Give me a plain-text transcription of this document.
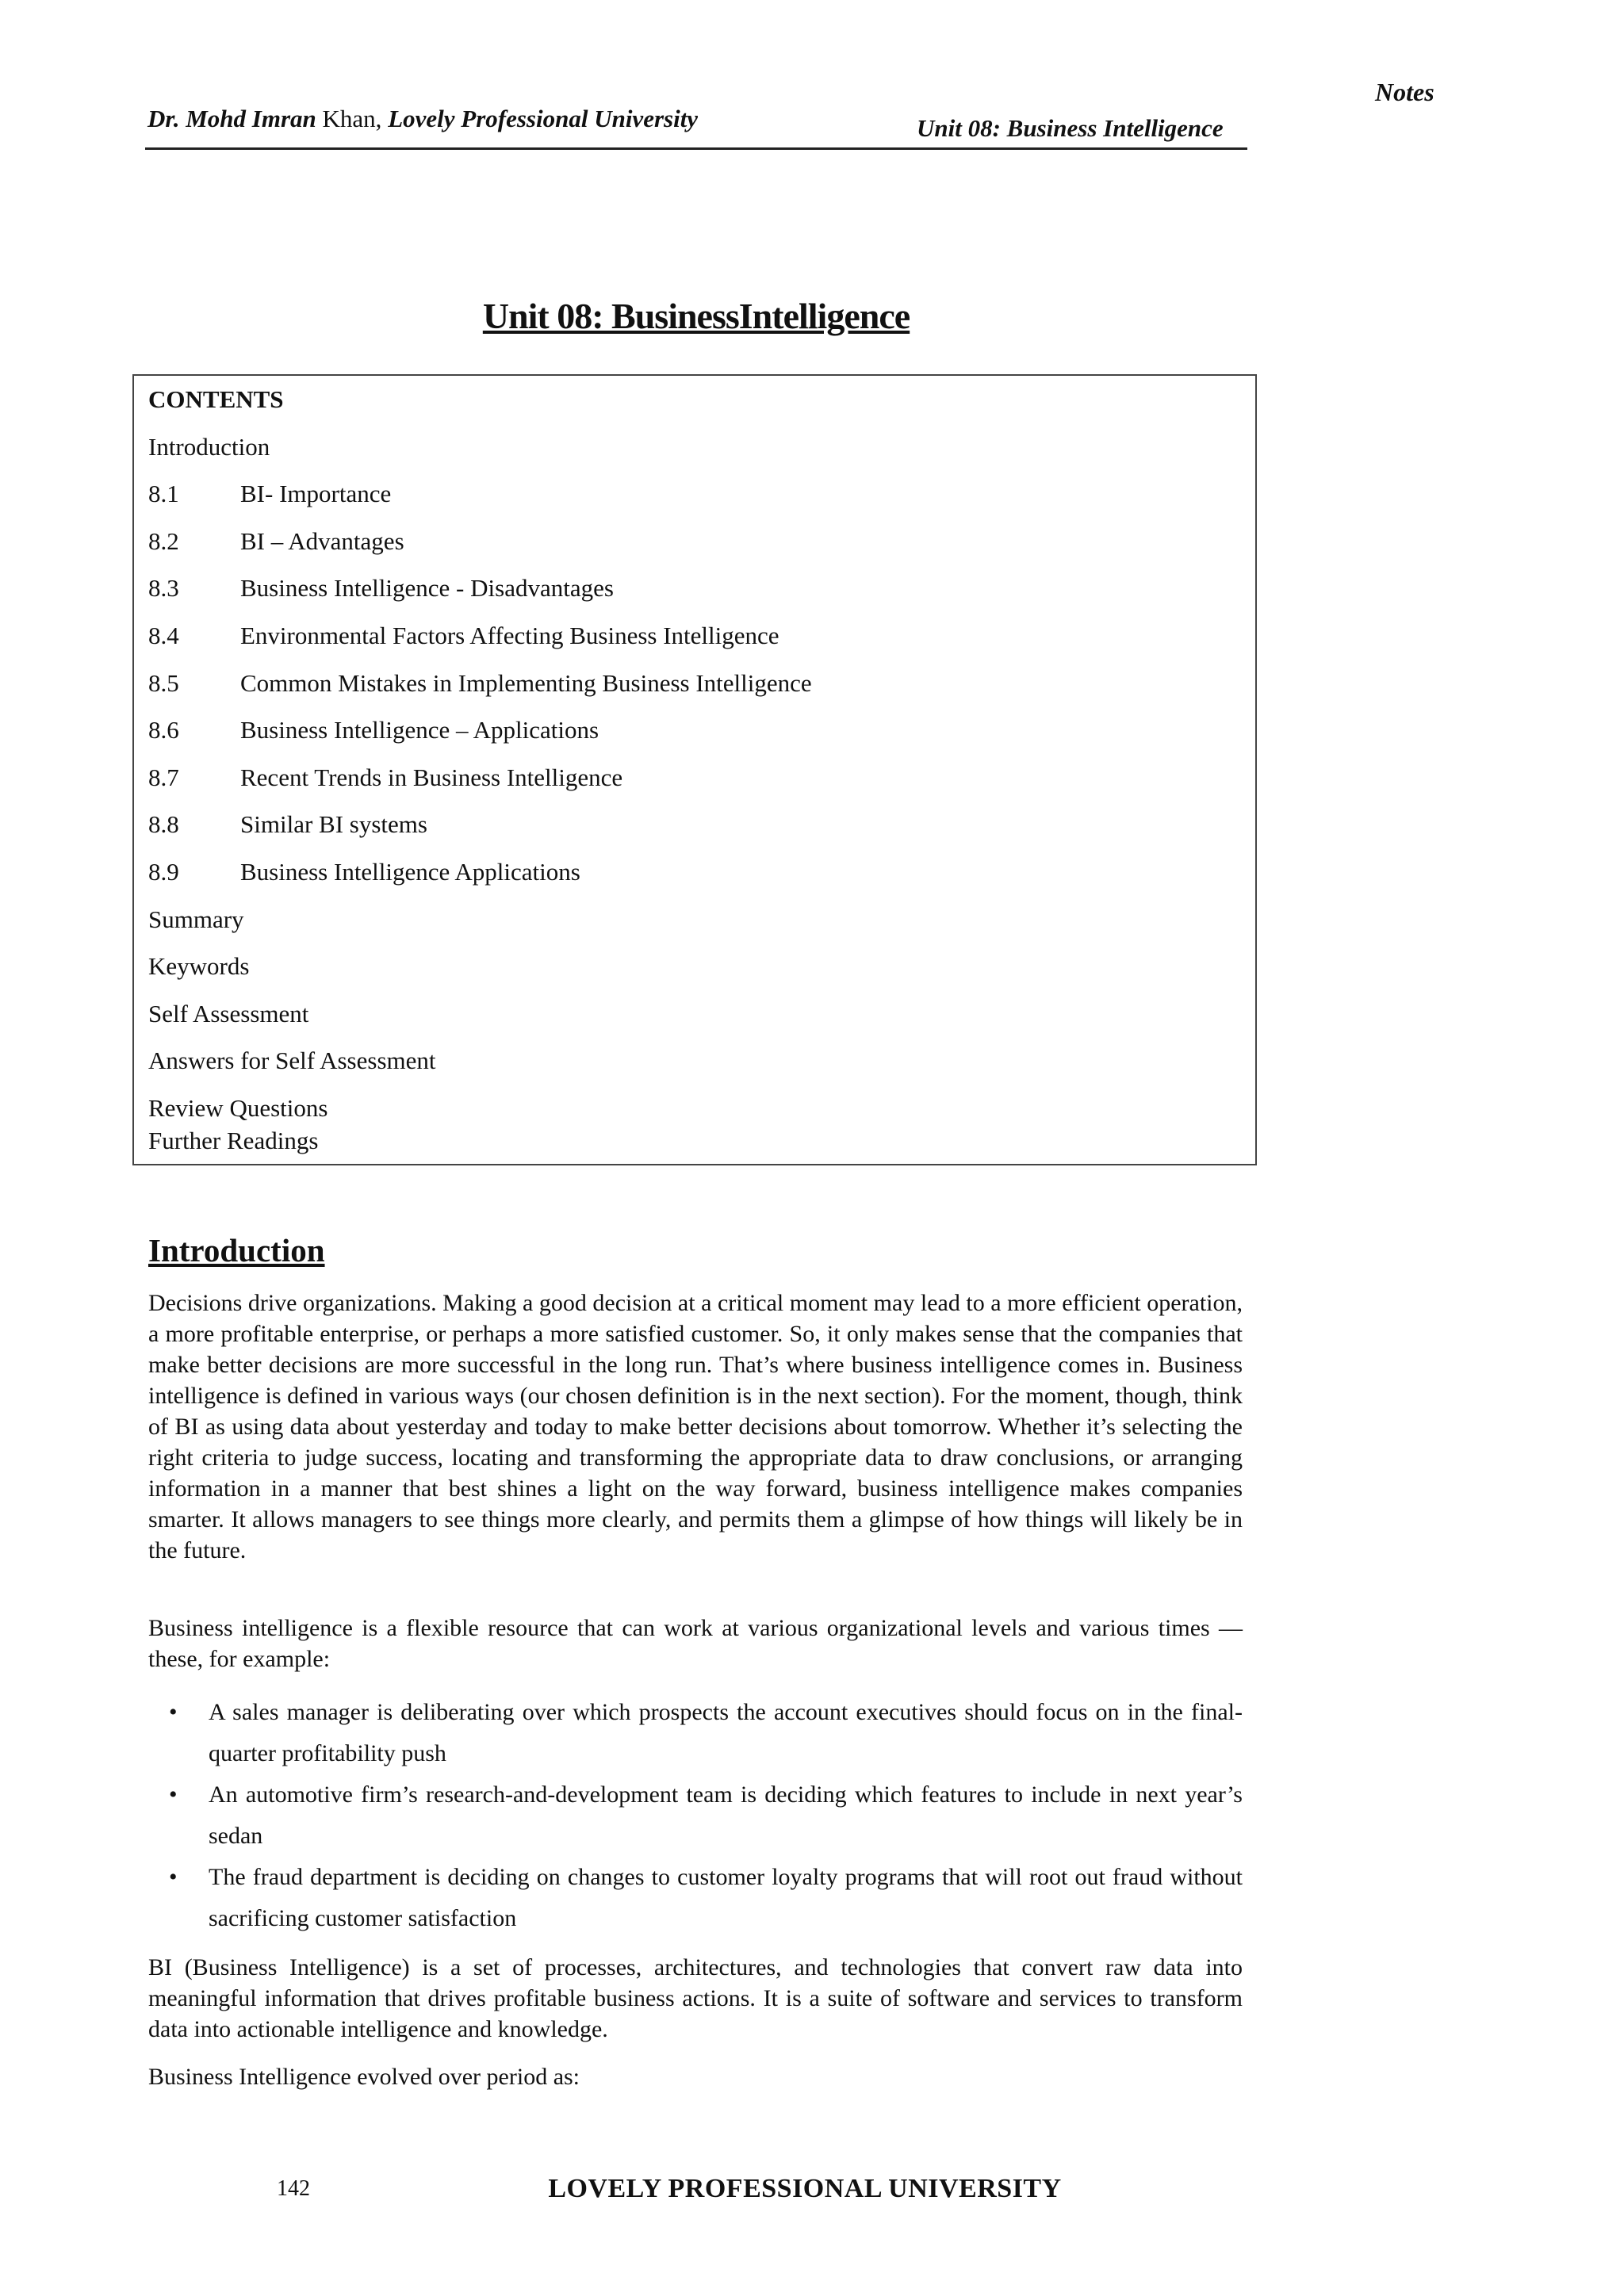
Dr. Mohd Imran Khan, Lovely Professional University	Unit 08: Business Intelligence
Notes
Unit 08: BusinessIntelligence
CONTENTS
Introduction
8.1 BI- Importance
8.2 BI – Advantages
8.3 Business Intelligence - Disadvantages
8.4 Environmental Factors Affecting Business Intelligence
8.5 Common Mistakes in Implementing Business Intelligence
8.6 Business Intelligence – Applications
8.7 Recent Trends in Business Intelligence
8.8 Similar BI systems
8.9 Business Intelligence Applications
Summary
Keywords
Self Assessment
Answers for Self Assessment
Review Questions
Further Readings
Introduction

Decisions drive organizations. Making a good decision at a critical moment may lead to a more efficient operation, a more profitable enterprise, or perhaps a more satisfied customer. So, it only makes sense that the companies that make better decisions are more successful in the long run. That’s where business intelligence comes in. Business intelligence is defined in various ways (our chosen definition is in the next section). For the moment, though, think of BI as using data about yesterday and today to make better decisions about tomorrow. Whether it’s selecting the right criteria to judge success, locating and transforming the appropriate data to draw conclusions, or arranging information in a manner that best shines a light on the way forward, business intelligence makes companies smarter. It allows managers to see things more clearly, and permits them a glimpse of how things will likely be in the future.

Business intelligence is a flexible resource that can work at various organizational levels and various times — these, for example:

• A sales manager is deliberating over which prospects the account executives should focus on in the final-quarter profitability push
• An automotive firm’s research-and-development team is deciding which features to include in next year’s sedan
• The fraud department is deciding on changes to customer loyalty programs that will root out fraud without sacrificing customer satisfaction

BI (Business Intelligence) is a set of processes, architectures, and technologies that convert raw data into meaningful information that drives profitable business actions. It is a suite of software and services to transform data into actionable intelligence and knowledge.

Business Intelligence evolved over period as:

142	LOVELY PROFESSIONAL UNIVERSITY
